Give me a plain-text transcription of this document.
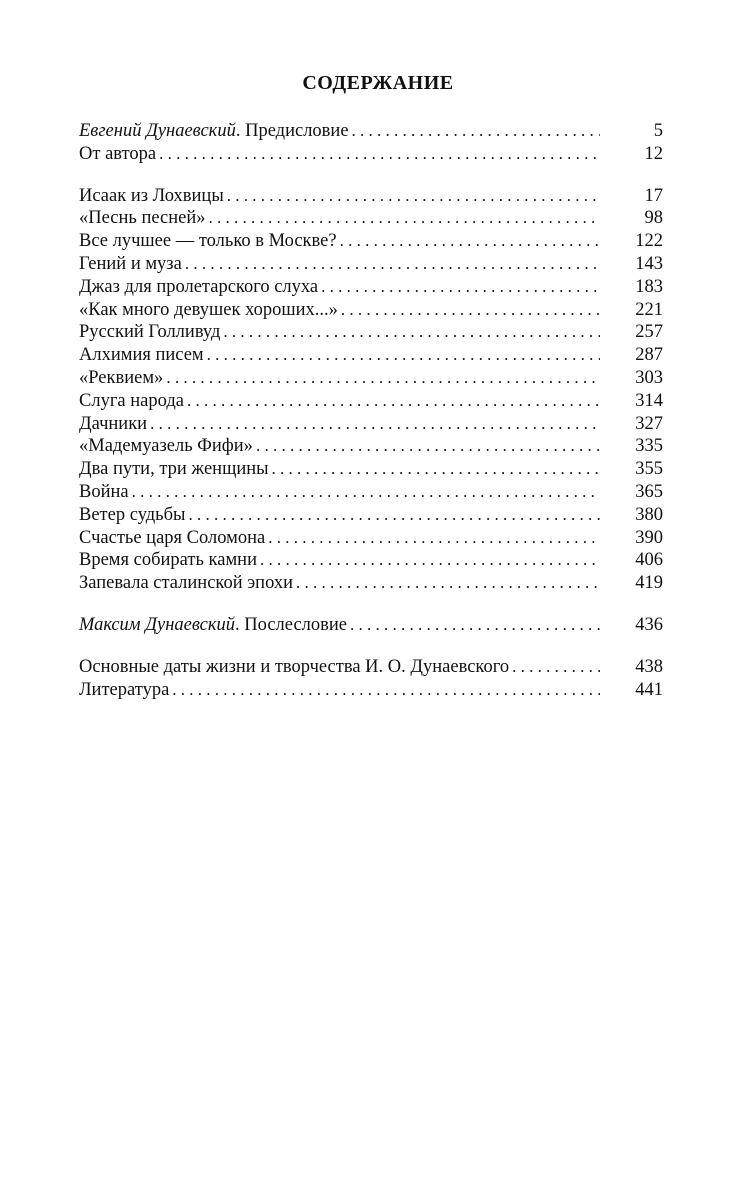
СОДЕРЖАНИЕ
Евгений Дунаевский. Предисловие . . .	5
От автора . . .	12
Исаак из Лохвицы . . .	17
«Песнь песней» . . .	98
Все лучшее — только в Москве? . . .	122
Гений и муза . . .	143
Джаз для пролетарского слуха . . .	183
«Как много девушек хороших...» . . .	221
Русский Голливуд . . .	257
Алхимия писем . . .	287
«Реквием» . . .	303
Слуга народа . . .	314
Дачники . . .	327
«Мадемуазель Фифи» . . .	335
Два пути, три женщины . . .	355
Война . . .	365
Ветер судьбы . . .	380
Счастье царя Соломона . . .	390
Время собирать камни . . .	406
Запевала сталинской эпохи . . .	419
Максим Дунаевский. Послесловие . . .	436
Основные даты жизни и творчества И. О. Дунаевского . . .	438
Литература . . .	441
